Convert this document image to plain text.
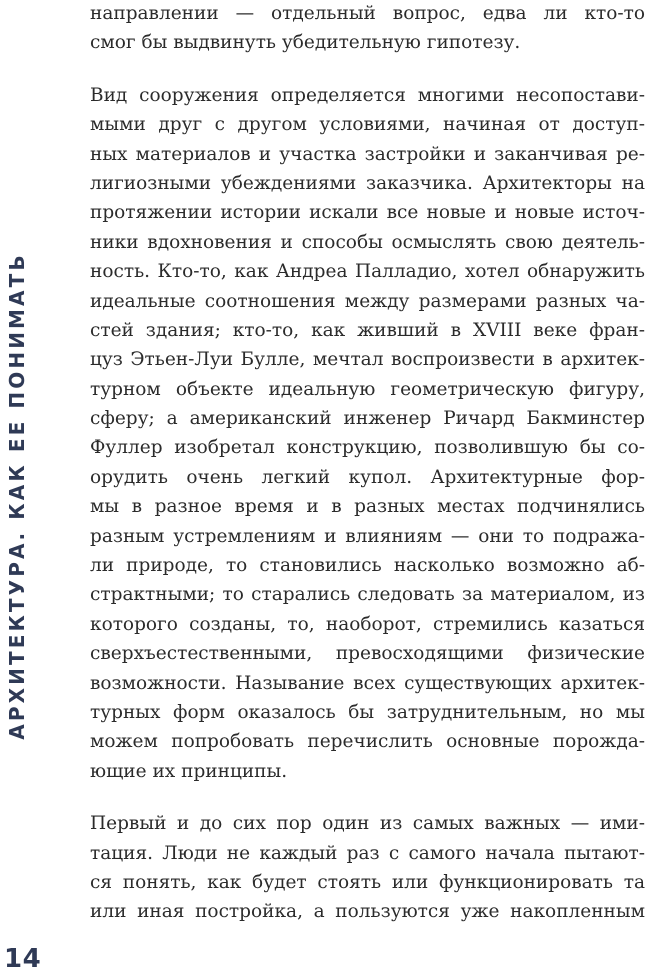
АРХИТЕКТУРА. КАК ЕЕ ПОНИМАТЬ
14
направлении — отдельный вопрос, едва ли кто-то
смог бы выдвинуть убедительную гипотезу.
Вид сооружения определяется многими несопостави-
мыми друг с другом условиями, начиная от доступ-
ных материалов и участка застройки и заканчивая ре-
лигиозными убеждениями заказчика. Архитекторы на
протяжении истории искали все новые и новые источ-
ники вдохновения и способы осмыслять свою деятель-
ность. Кто-то, как Андреа Палладио, хотел обнаружить
идеальные соотношения между размерами разных ча-
стей здания; кто-то, как живший в XVIII веке фран-
цуз Этьен-Луи Булле, мечтал воспроизвести в архитек-
турном объекте идеальную геометрическую фигуру,
сферу; а американский инженер Ричард Бакминстер
Фуллер изобретал конструкцию, позволившую бы со-
орудить очень легкий купол. Архитектурные фор-
мы в разное время и в разных местах подчинялись
разным устремлениям и влияниям — они то подража-
ли природе, то становились насколько возможно аб-
страктными; то старались следовать за материалом, из
которого созданы, то, наоборот, стремились казаться
сверхъестественными, превосходящими физические
возможности. Называние всех существующих архитек-
турных форм оказалось бы затруднительным, но мы
можем попробовать перечислить основные порожда-
ющие их принципы.
Первый и до сих пор один из самых важных — ими-
тация. Люди не каждый раз с самого начала пытают-
ся понять, как будет стоять или функционировать та
или иная постройка, а пользуются уже накопленным
